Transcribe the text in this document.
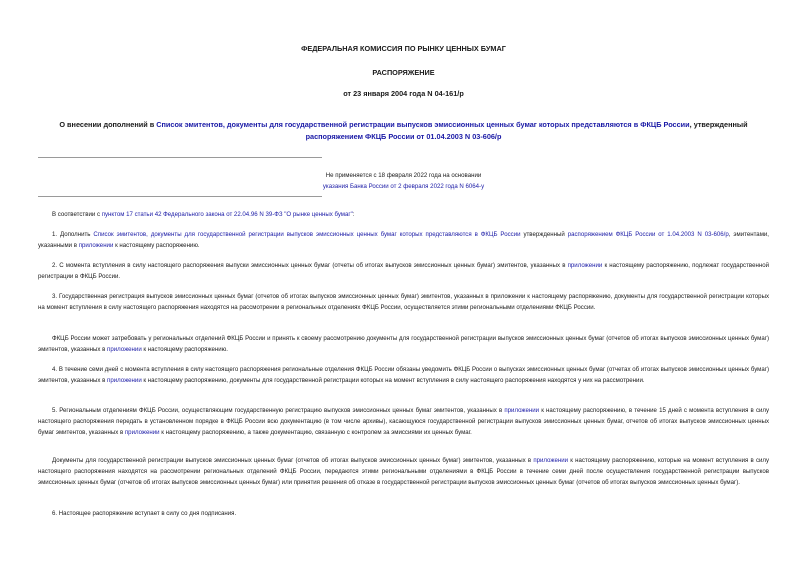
ФЕДЕРАЛЬНАЯ КОМИССИЯ ПО РЫНКУ ЦЕННЫХ БУМАГ
РАСПОРЯЖЕНИЕ
от 23 января 2004 года N 04-161/р
О внесении дополнений в Список эмитентов, документы для государственной регистрации выпусков эмиссионных ценных бумаг которых представляются в ФКЦБ России, утвержденный распоряжением ФКЦБ России от 01.04.2003 N 03-606/р
Не применяется с 18 февраля 2022 года на основании
указания Банка России от 2 февраля 2022 года N 6064-у
В соответствии с пунктом 17 статьи 42 Федерального закона от 22.04.96 N 39-ФЗ "О рынке ценных бумаг":
1. Дополнить Список эмитентов, документы для государственной регистрации выпусков эмиссионных ценных бумаг которых представляются в ФКЦБ России утвержденный распоряжением ФКЦБ России от 1.04.2003 N 03-606/р, эмитентами, указанными в приложении к настоящему распоряжению.
2. С момента вступления в силу настоящего распоряжения выпуски эмиссионных ценных бумаг (отчеты об итогах выпусков эмиссионных ценных бумаг) эмитентов, указанных в приложении к настоящему распоряжению, подлежат государственной регистрации в ФКЦБ России.
3. Государственная регистрация выпусков эмиссионных ценных бумаг (отчетов об итогах выпусков эмиссионных ценных бумаг) эмитентов, указанных в приложении к настоящему распоряжению, документы для государственной регистрации которых на момент вступления в силу настоящего распоряжения находятся на рассмотрении в региональных отделениях ФКЦБ России, осуществляется этими региональными отделениями ФКЦБ России.
ФКЦБ России может затребовать у региональных отделений ФКЦБ России и принять к своему рассмотрению документы для государственной регистрации выпусков эмиссионных ценных бумаг (отчетов об итогах выпусков эмиссионных ценных бумаг) эмитентов, указанных в приложении к настоящему распоряжению.
4. В течение семи дней с момента вступления в силу настоящего распоряжения региональные отделения ФКЦБ России обязаны уведомить ФКЦБ России о выпусках эмиссионных ценных бумаг (отчетах об итогах выпусков эмиссионных ценных бумаг) эмитентов, указанных в приложении к настоящему распоряжению, документы для государственной регистрации которых на момент вступления в силу настоящего распоряжения находятся у них на рассмотрении.
5. Региональным отделениям ФКЦБ России, осуществляющим государственную регистрацию выпусков эмиссионных ценных бумаг эмитентов, указанных в приложении к настоящему распоряжению, в течение 15 дней с момента вступления в силу настоящего распоряжения передать в установленном порядке в ФКЦБ России всю документацию (в том числе архивы), касающуюся государственной регистрации выпусков эмиссионных ценных бумаг, отчетов об итогах выпусков эмиссионных ценных бумаг эмитентов, указанных в приложении к настоящему распоряжению, а также документацию, связанную с контролем за эмиссиями их ценных бумаг.
Документы для государственной регистрации выпусков эмиссионных ценных бумаг (отчетов об итогах выпусков эмиссионных ценных бумаг) эмитентов, указанных в приложении к настоящему распоряжению, которые на момент вступления в силу настоящего распоряжения находятся на рассмотрении региональных отделений ФКЦБ России, передаются этими региональными отделениями в ФКЦБ России в течение семи дней после осуществления государственной регистрации выпусков эмиссионных ценных бумаг (отчетов об итогах выпусков эмиссионных ценных бумаг) или принятия решения об отказе в государственной регистрации выпусков эмиссионных ценных бумаг (отчетов об итогах выпусков эмиссионных ценных бумаг).
6. Настоящее распоряжение вступает в силу со дня подписания.
